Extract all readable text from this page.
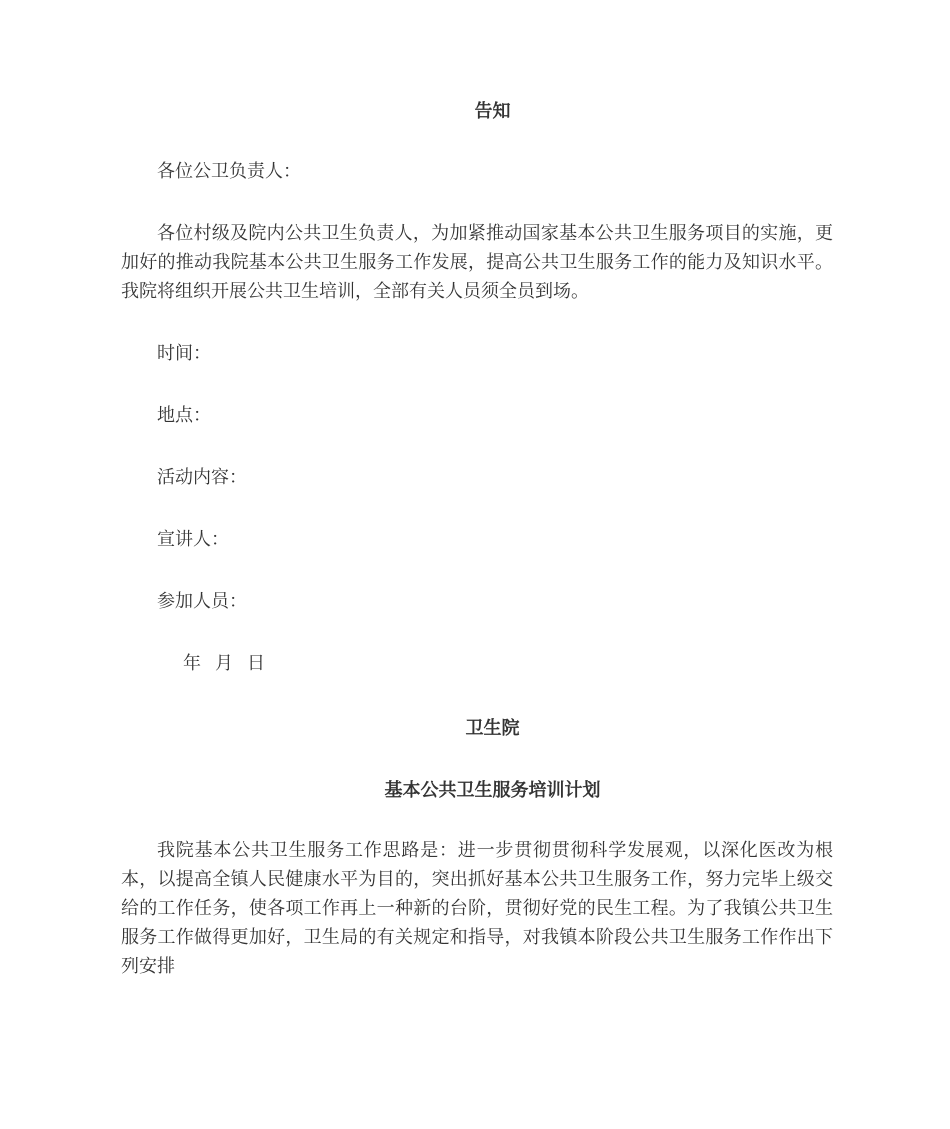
告知
各位公卫负责人：
各位村级及院内公共卫生负责人，为加紧推动国家基本公共卫生服务项目的实施，更加好的推动我院基本公共卫生服务工作发展，提高公共卫生服务工作的能力及知识水平。我院将组织开展公共卫生培训，全部有关人员须全员到场。
时间：
地点：
活动内容：
宣讲人：
参加人员：
年 月 日
卫生院
基本公共卫生服务培训计划
我院基本公共卫生服务工作思路是：进一步贯彻贯彻科学发展观，以深化医改为根本，以提高全镇人民健康水平为目的，突出抓好基本公共卫生服务工作，努力完毕上级交给的工作任务，使各项工作再上一种新的台阶，贯彻好党的民生工程。为了我镇公共卫生服务工作做得更加好，卫生局的有关规定和指导，对我镇本阶段公共卫生服务工作作出下列安排
